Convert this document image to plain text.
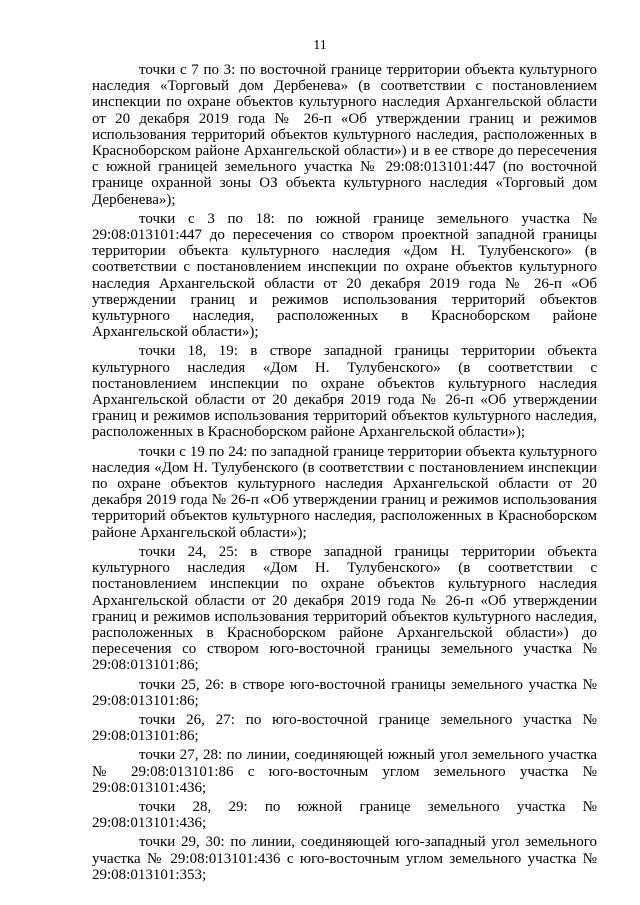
11

точки с 7 по 3: по восточной границе территории объекта культурного наследия «Торговый дом Дербенева» (в соответствии с постановлением инспекции по охране объектов культурного наследия Архангельской области от 20 декабря 2019 года № 26-п «Об утверждении границ и режимов использования территорий объектов культурного наследия, расположенных в Красноборском районе Архангельской области») и в ее створе до пересечения с южной границей земельного участка № 29:08:013101:447 (по восточной границе охранной зоны ОЗ объекта культурного наследия «Торговый дом Дербенева»);

точки с 3 по 18: по южной границе земельного участка № 29:08:013101:447 до пересечения со створом проектной западной границы территории объекта культурного наследия «Дом Н. Тулубенского» (в соответствии с постановлением инспекции по охране объектов культурного наследия Архангельской области от 20 декабря 2019 года № 26-п «Об утверждении границ и режимов использования территорий объектов культурного наследия, расположенных в Красноборском районе Архангельской области»);

точки 18, 19: в створе западной границы территории объекта культурного наследия «Дом Н. Тулубенского» (в соответствии с постановлением инспекции по охране объектов культурного наследия Архангельской области от 20 декабря 2019 года № 26-п «Об утверждении границ и режимов использования территорий объектов культурного наследия, расположенных в Красноборском районе Архангельской области»);

точки с 19 по 24: по западной границе территории объекта культурного наследия «Дом Н. Тулубенского (в соответствии с постановлением инспекции по охране объектов культурного наследия Архангельской области от 20 декабря 2019 года № 26-п «Об утверждении границ и режимов использования территорий объектов культурного наследия, расположенных в Красноборском районе Архангельской области»);

точки 24, 25: в створе западной границы территории объекта культурного наследия «Дом Н. Тулубенского» (в соответствии с постановлением инспекции по охране объектов культурного наследия Архангельской области от 20 декабря 2019 года № 26-п «Об утверждении границ и режимов использования территорий объектов культурного наследия, расположенных в Красноборском районе Архангельской области») до пересечения со створом юго-восточной границы земельного участка № 29:08:013101:86;

точки 25, 26: в створе юго-восточной границы земельного участка № 29:08:013101:86;

точки 26, 27: по юго-восточной границе земельного участка № 29:08:013101:86;

точки 27, 28: по линии, соединяющей южный угол земельного участка № 29:08:013101:86 с юго-восточным углом земельного участка № 29:08:013101:436;

точки 28, 29: по южной границе земельного участка № 29:08:013101:436;

точки 29, 30: по линии, соединяющей юго-западный угол земельного участка № 29:08:013101:436 с юго-восточным углом земельного участка № 29:08:013101:353;
